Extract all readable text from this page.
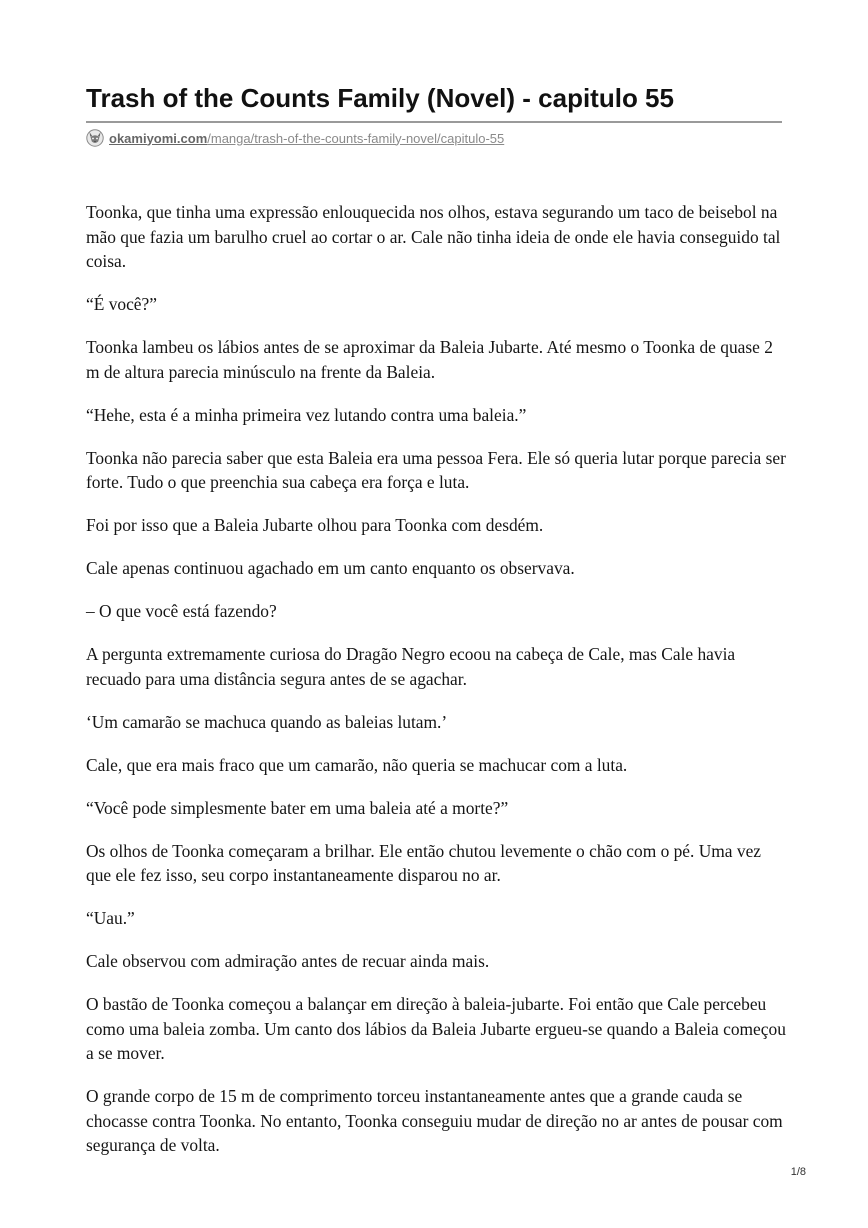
Trash of the Counts Family (Novel) - capitulo 55
okamiyomi.com /manga/trash-of-the-counts-family-novel/capitulo-55

Toonka, que tinha uma expressão enlouquecida nos olhos, estava segurando um taco de beisebol na mão que fazia um barulho cruel ao cortar o ar. Cale não tinha ideia de onde ele havia conseguido tal coisa.

“É você?”

Toonka lambeu os lábios antes de se aproximar da Baleia Jubarte. Até mesmo o Toonka de quase 2 m de altura parecia minúsculo na frente da Baleia.

“Hehe, esta é a minha primeira vez lutando contra uma baleia.”

Toonka não parecia saber que esta Baleia era uma pessoa Fera. Ele só queria lutar porque parecia ser forte. Tudo o que preenchia sua cabeça era força e luta.

Foi por isso que a Baleia Jubarte olhou para Toonka com desdém.

Cale apenas continuou agachado em um canto enquanto os observava.

– O que você está fazendo?

A pergunta extremamente curiosa do Dragão Negro ecoou na cabeça de Cale, mas Cale havia recuado para uma distância segura antes de se agachar.

‘Um camarão se machuca quando as baleias lutam.’

Cale, que era mais fraco que um camarão, não queria se machucar com a luta.

“Você pode simplesmente bater em uma baleia até a morte?”

Os olhos de Toonka começaram a brilhar. Ele então chutou levemente o chão com o pé. Uma vez que ele fez isso, seu corpo instantaneamente disparou no ar.

“Uau.”

Cale observou com admiração antes de recuar ainda mais.

O bastão de Toonka começou a balançar em direção à baleia-jubarte. Foi então que Cale percebeu como uma baleia zomba. Um canto dos lábios da Baleia Jubarte ergueu-se quando a Baleia começou a se mover.

O grande corpo de 15 m de comprimento torceu instantaneamente antes que a grande cauda se chocasse contra Toonka. No entanto, Toonka conseguiu mudar de direção no ar antes de pousar com segurança de volta.

1/8
